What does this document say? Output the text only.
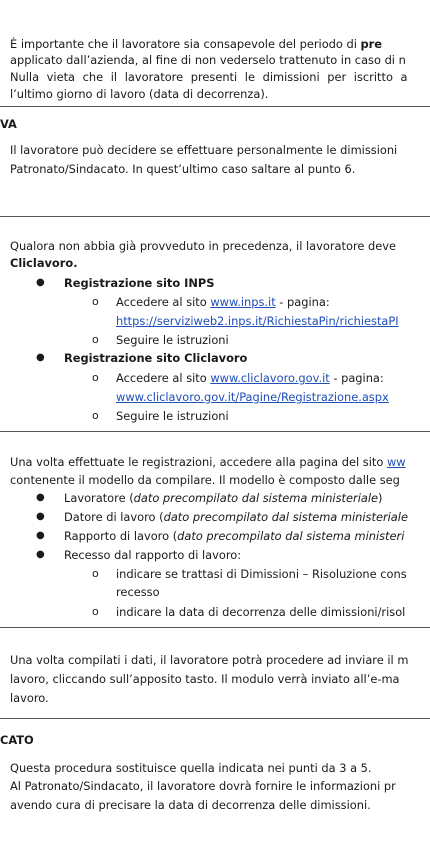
È importante che il lavoratore sia consapevole del periodo di pre
applicato dall’azienda, al fine di non vederselo trattenuto in caso di n
Nulla vieta che il lavoratore presenti le dimissioni per iscritto a
l’ultimo giorno di lavoro (data di decorrenza).
VA
Il lavoratore può decidere se effettuare personalmente le dimissioni
Patronato/Sindacato. In quest’ultimo caso saltare al punto 6.
Qualora non abbia già provveduto in precedenza, il lavoratore deve
Cliclavoro.
● Registrazione sito INPS
o Accedere al sito www.inps.it - pagina:
https://serviziweb2.inps.it/RichiestaPin/richiestaPI
o Seguire le istruzioni
● Registrazione sito Cliclavoro
o Accedere al sito www.cliclavoro.gov.it - pagina:
www.cliclavoro.gov.it/Pagine/Registrazione.aspx
o Seguire le istruzioni
Una volta effettuate le registrazioni, accedere alla pagina del sito ww
contenente il modello da compilare. Il modello è composto dalle seg
● Lavoratore (dato precompilato dal sistema ministeriale)
● Datore di lavoro (dato precompilato dal sistema ministeriale
● Rapporto di lavoro (dato precompilato dal sistema ministeri
● Recesso dal rapporto di lavoro:
o indicare se trattasi di Dimissioni – Risoluzione cons
recesso
o indicare la data di decorrenza delle dimissioni/risol
Una volta compilati i dati, il lavoratore potrà procedere ad inviare il m
lavoro, cliccando sull’apposito tasto. Il modulo verrà inviato all’e-ma
lavoro.
CATO
Questa procedura sostituisce quella indicata nei punti da 3 a 5.
Al Patronato/Sindacato, il lavoratore dovrà fornire le informazioni pr
avendo cura di precisare la data di decorrenza delle dimissioni.
